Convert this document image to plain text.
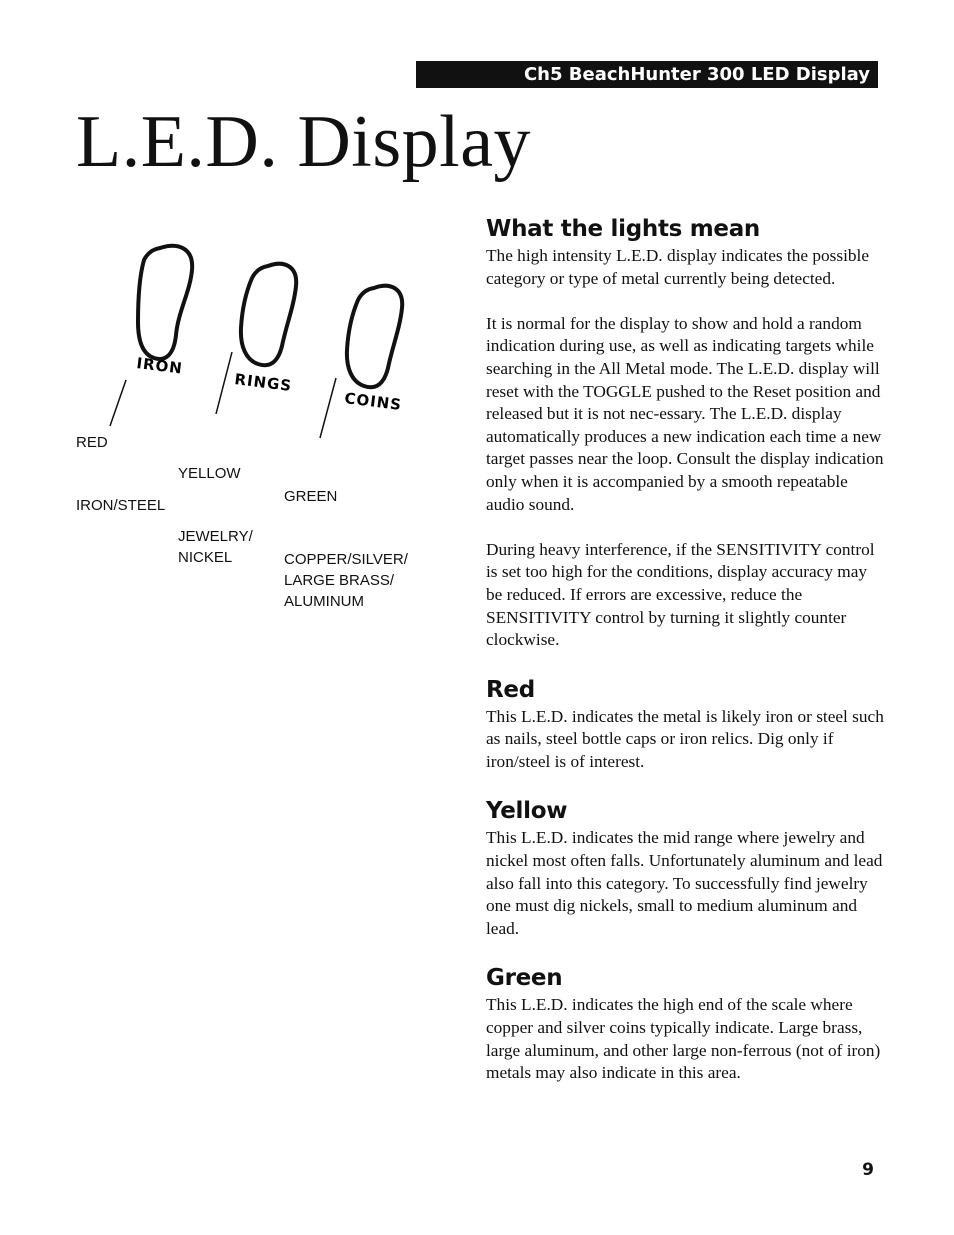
Ch5 BeachHunter 300 LED Display
L.E.D. Display
IRON
RINGS
COINS

RED

IRON/STEEL

YELLOW

JEWELRY/
NICKEL

GREEN

COPPER/SILVER/
LARGE BRASS/
ALUMINUM

What the lights mean

The high intensity L.E.D. display indicates the possible category or type of metal currently being detected.

It is normal for the display to show and hold a random indication during use, as well as indicating targets while searching in the All Metal mode. The L.E.D. display will reset with the TOGGLE pushed to the Reset position and released but it is not nec-essary. The L.E.D. display automatically produces a new indication each time a new target passes near the loop. Consult the display indication only when it is accompanied by a smooth repeatable audio sound.

During heavy interference, if the SENSITIVITY control is set too high for the conditions, display accuracy may be reduced. If errors are excessive, reduce the SENSITIVITY control by turning it slightly counter clockwise.

Red

This L.E.D. indicates the metal is likely iron or steel such as nails, steel bottle caps or iron relics. Dig only if iron/steel is of interest.

Yellow

This L.E.D. indicates the mid range where jewelry and nickel most often falls. Unfortunately aluminum and lead also fall into this category. To successfully find jewelry one must dig nickels, small to medium aluminum and lead.

Green

This L.E.D. indicates the high end of the scale where copper and silver coins typically indicate. Large brass, large aluminum, and other large non-ferrous (not of iron) metals may also indicate in this area.

9
